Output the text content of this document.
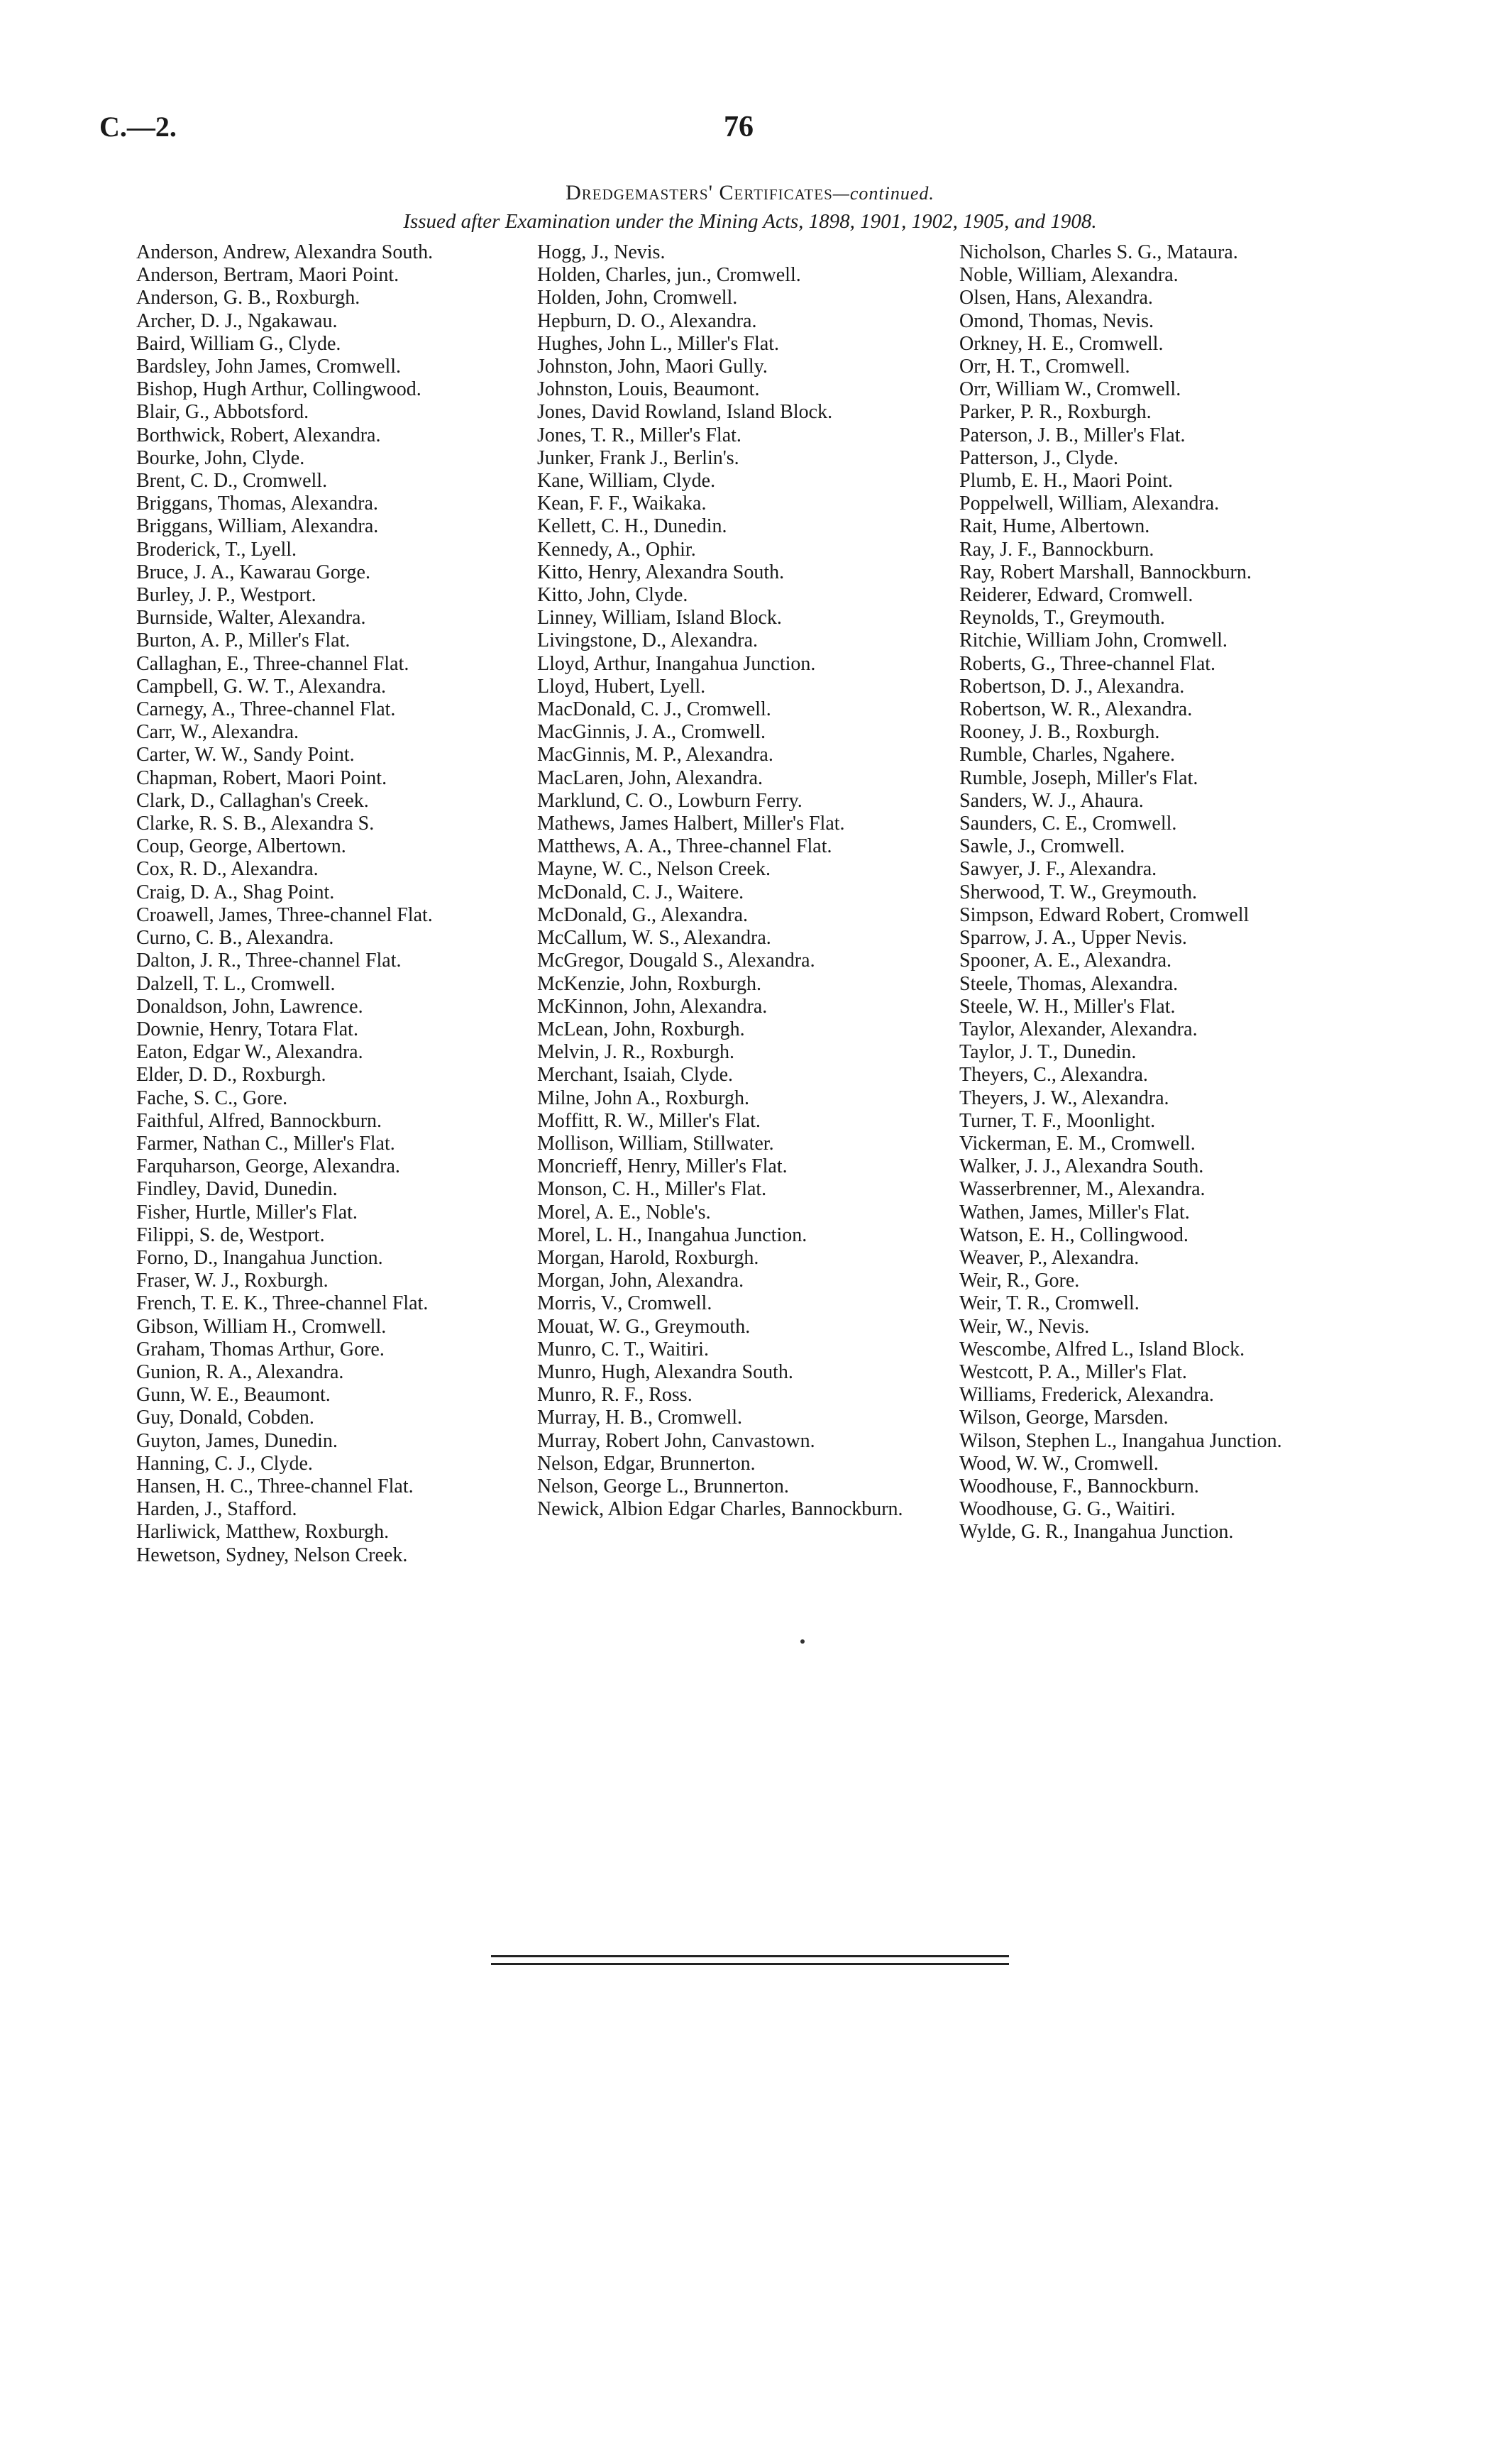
C.—2.	76
Dredgemasters' Certificates—continued.
Issued after Examination under the Mining Acts, 1898, 1901, 1902, 1905, and 1908.
Anderson, Andrew, Alexandra South.
Anderson, Bertram, Maori Point.
Anderson, G. B., Roxburgh.
Archer, D. J., Ngakawau.
Baird, William G., Clyde.
Bardsley, John James, Cromwell.
Bishop, Hugh Arthur, Collingwood.
Blair, G., Abbotsford.
Borthwick, Robert, Alexandra.
Bourke, John, Clyde.
Brent, C. D., Cromwell.
Briggans, Thomas, Alexandra.
Briggans, William, Alexandra.
Broderick, T., Lyell.
Bruce, J. A., Kawarau Gorge.
Burley, J. P., Westport.
Burnside, Walter, Alexandra.
Burton, A. P., Miller's Flat.
Callaghan, E., Three-channel Flat.
Campbell, G. W. T., Alexandra.
Carnegy, A., Three-channel Flat.
Carr, W., Alexandra.
Carter, W. W., Sandy Point.
Chapman, Robert, Maori Point.
Clark, D., Callaghan's Creek.
Clarke, R. S. B., Alexandra S.
Coup, George, Albertown.
Cox, R. D., Alexandra.
Craig, D. A., Shag Point.
Croawell, James, Three-channel Flat.
Curno, C. B., Alexandra.
Dalton, J. R., Three-channel Flat.
Dalzell, T. L., Cromwell.
Donaldson, John, Lawrence.
Downie, Henry, Totara Flat.
Eaton, Edgar W., Alexandra.
Elder, D. D., Roxburgh.
Fache, S. C., Gore.
Faithful, Alfred, Bannockburn.
Farmer, Nathan C., Miller's Flat.
Farquharson, George, Alexandra.
Findley, David, Dunedin.
Fisher, Hurtle, Miller's Flat.
Filippi, S. de, Westport.
Forno, D., Inangahua Junction.
Fraser, W. J., Roxburgh.
French, T. E. K., Three-channel Flat.
Gibson, William H., Cromwell.
Graham, Thomas Arthur, Gore.
Gunion, R. A., Alexandra.
Gunn, W. E., Beaumont.
Guy, Donald, Cobden.
Guyton, James, Dunedin.
Hanning, C. J., Clyde.
Hansen, H. C., Three-channel Flat.
Harden, J., Stafford.
Harliwick, Matthew, Roxburgh.
Hewetson, Sydney, Nelson Creek.
Hogg, J., Nevis.
Holden, Charles, jun., Cromwell.
Holden, John, Cromwell.
Hepburn, D. O., Alexandra.
Hughes, John L., Miller's Flat.
Johnston, John, Maori Gully.
Johnston, Louis, Beaumont.
Jones, David Rowland, Island Block.
Jones, T. R., Miller's Flat.
Junker, Frank J., Berlin's.
Kane, William, Clyde.
Kean, F. F., Waikaka.
Kellett, C. H., Dunedin.
Kennedy, A., Ophir.
Kitto, Henry, Alexandra South.
Kitto, John, Clyde.
Linney, William, Island Block.
Livingstone, D., Alexandra.
Lloyd, Arthur, Inangahua Junction.
Lloyd, Hubert, Lyell.
MacDonald, C. J., Cromwell.
MacGinnis, J. A., Cromwell.
MacGinnis, M. P., Alexandra.
MacLaren, John, Alexandra.
Marklund, C. O., Lowburn Ferry.
Mathews, James Halbert, Miller's Flat.
Matthews, A. A., Three-channel Flat.
Mayne, W. C., Nelson Creek.
McDonald, C. J., Waitere.
McDonald, G., Alexandra.
McCallum, W. S., Alexandra.
McGregor, Dougald S., Alexandra.
McKenzie, John, Roxburgh.
McKinnon, John, Alexandra.
McLean, John, Roxburgh.
Melvin, J. R., Roxburgh.
Merchant, Isaiah, Clyde.
Milne, John A., Roxburgh.
Moffitt, R. W., Miller's Flat.
Mollison, William, Stillwater.
Moncrieff, Henry, Miller's Flat.
Monson, C. H., Miller's Flat.
Morel, A. E., Noble's.
Morel, L. H., Inangahua Junction.
Morgan, Harold, Roxburgh.
Morgan, John, Alexandra.
Morris, V., Cromwell.
Mouat, W. G., Greymouth.
Munro, C. T., Waitiri.
Munro, Hugh, Alexandra South.
Munro, R. F., Ross.
Murray, H. B., Cromwell.
Murray, Robert John, Canvastown.
Nelson, Edgar, Brunnerton.
Nelson, George L., Brunnerton.
Newick, Albion Edgar Charles, Bannockburn.
Nicholson, Charles S. G., Mataura.
Noble, William, Alexandra.
Olsen, Hans, Alexandra.
Omond, Thomas, Nevis.
Orkney, H. E., Cromwell.
Orr, H. T., Cromwell.
Orr, William W., Cromwell.
Parker, P. R., Roxburgh.
Paterson, J. B., Miller's Flat.
Patterson, J., Clyde.
Plumb, E. H., Maori Point.
Poppelwell, William, Alexandra.
Rait, Hume, Albertown.
Ray, J. F., Bannockburn.
Ray, Robert Marshall, Bannockburn.
Reiderer, Edward, Cromwell.
Reynolds, T., Greymouth.
Ritchie, William John, Cromwell.
Roberts, G., Three-channel Flat.
Robertson, D. J., Alexandra.
Robertson, W. R., Alexandra.
Rooney, J. B., Roxburgh.
Rumble, Charles, Ngahere.
Rumble, Joseph, Miller's Flat.
Sanders, W. J., Ahaura.
Saunders, C. E., Cromwell.
Sawle, J., Cromwell.
Sawyer, J. F., Alexandra.
Sherwood, T. W., Greymouth.
Simpson, Edward Robert, Cromwell
Sparrow, J. A., Upper Nevis.
Spooner, A. E., Alexandra.
Steele, Thomas, Alexandra.
Steele, W. H., Miller's Flat.
Taylor, Alexander, Alexandra.
Taylor, J. T., Dunedin.
Theyers, C., Alexandra.
Theyers, J. W., Alexandra.
Turner, T. F., Moonlight.
Vickerman, E. M., Cromwell.
Walker, J. J., Alexandra South.
Wasserbrenner, M., Alexandra.
Wathen, James, Miller's Flat.
Watson, E. H., Collingwood.
Weaver, P., Alexandra.
Weir, R., Gore.
Weir, T. R., Cromwell.
Weir, W., Nevis.
Wescombe, Alfred L., Island Block.
Westcott, P. A., Miller's Flat.
Williams, Frederick, Alexandra.
Wilson, George, Marsden.
Wilson, Stephen L., Inangahua Junction.
Wood, W. W., Cromwell.
Woodhouse, F., Bannockburn.
Woodhouse, G. G., Waitiri.
Wylde, G. R., Inangahua Junction.
